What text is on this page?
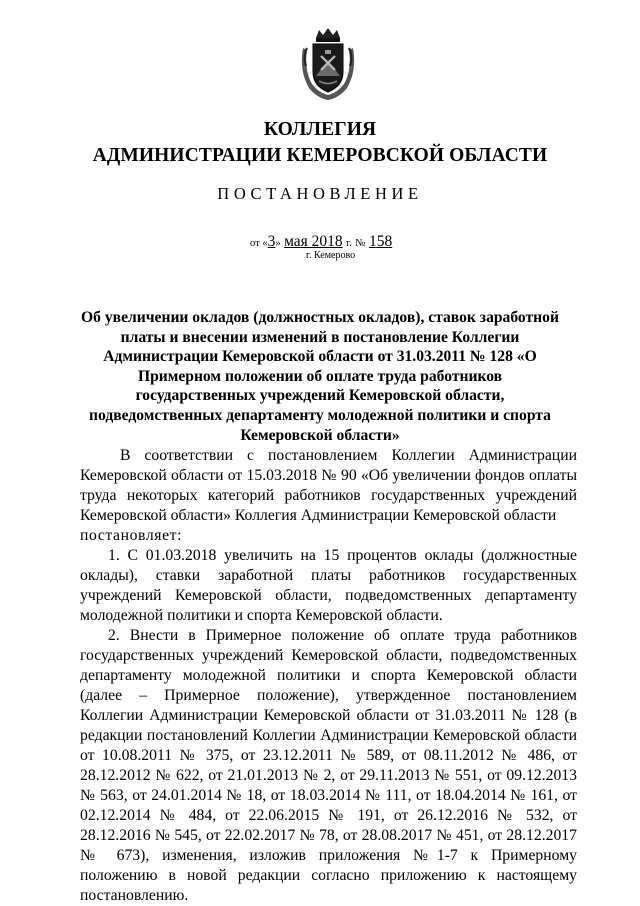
КОЛЛЕГИЯ
АДМИНИСТРАЦИИ КЕМЕРОВСКОЙ ОБЛАСТИ
ПОСТАНОВЛЕНИЕ
от «3» мая 2018 г. № 158
г. Кемерово
Об увеличении окладов (должностных окладов), ставок заработной платы и внесении изменений в постановление Коллегии Администрации Кемеровской области от 31.03.2011 № 128 «О Примерном положении об оплате труда работников государственных учреждений Кемеровской области, подведомственных департаменту молодежной политики и спорта Кемеровской области»

В соответствии с постановлением Коллегии Администрации Кемеровской области от 15.03.2018 № 90 «Об увеличении фондов оплаты труда некоторых категорий работников государственных учреждений Кемеровской области» Коллегия Администрации Кемеровской области

постановляет:

1. С 01.03.2018 увеличить на 15 процентов оклады (должностные оклады), ставки заработной платы работников государственных учреждений Кемеровской области, подведомственных департаменту молодежной политики и спорта Кемеровской области.

2. Внести в Примерное положение об оплате труда работников государственных учреждений Кемеровской области, подведомственных департаменту молодежной политики и спорта Кемеровской области (далее – Примерное положение), утвержденное постановлением Коллегии Администрации Кемеровской области от 31.03.2011 № 128 (в редакции постановлений Коллегии Администрации Кемеровской области от 10.08.2011 № 375, от 23.12.2011 № 589, от 08.11.2012 № 486, от 28.12.2012 № 622, от 21.01.2013 № 2, от 29.11.2013 № 551, от 09.12.2013 № 563, от 24.01.2014 № 18, от 18.03.2014 № 111, от 18.04.2014 № 161, от 02.12.2014 № 484, от 22.06.2015 № 191, от 26.12.2016 № 532, от 28.12.2016 № 545, от 22.02.2017 № 78, от 28.08.2017 № 451, от 28.12.2017 № 673), изменения, изложив приложения №1-7 к Примерному положению в новой редакции согласно приложению к настоящему постановлению.
